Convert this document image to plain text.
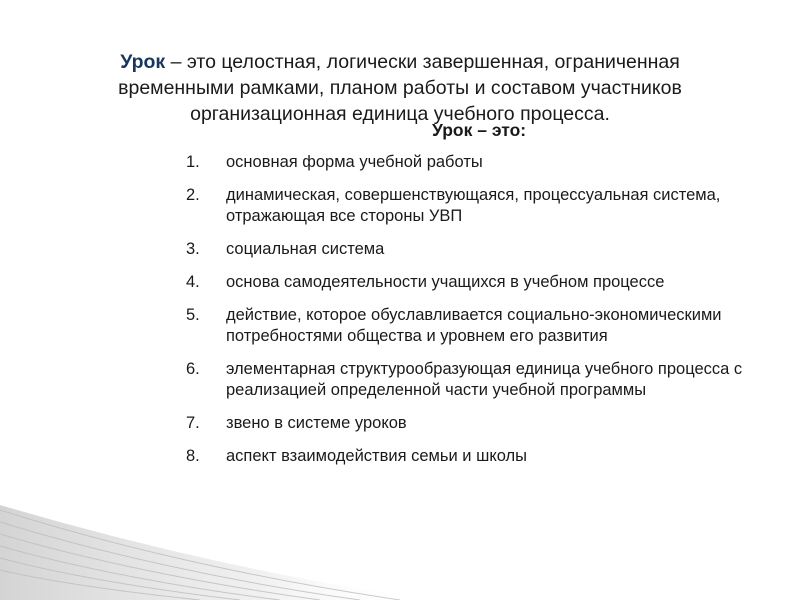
Урок – это целостная, логически завершенная, ограниченная временными рамками, планом работы и составом участников организационная единица учебного процесса.

Урок – это:

1. основная форма учебной работы
2. динамическая, совершенствующаяся, процессуальная система, отражающая все стороны УВП
3. социальная система
4. основа самодеятельности учащихся в учебном процессе
5. действие, которое обуславливается социально-экономическими потребностями общества и уровнем его развития
6. элементарная структурообразующая единица учебного процесса с реализацией определенной части учебной программы
7. звено в системе уроков
8. аспект взаимодействия семьи и школы
